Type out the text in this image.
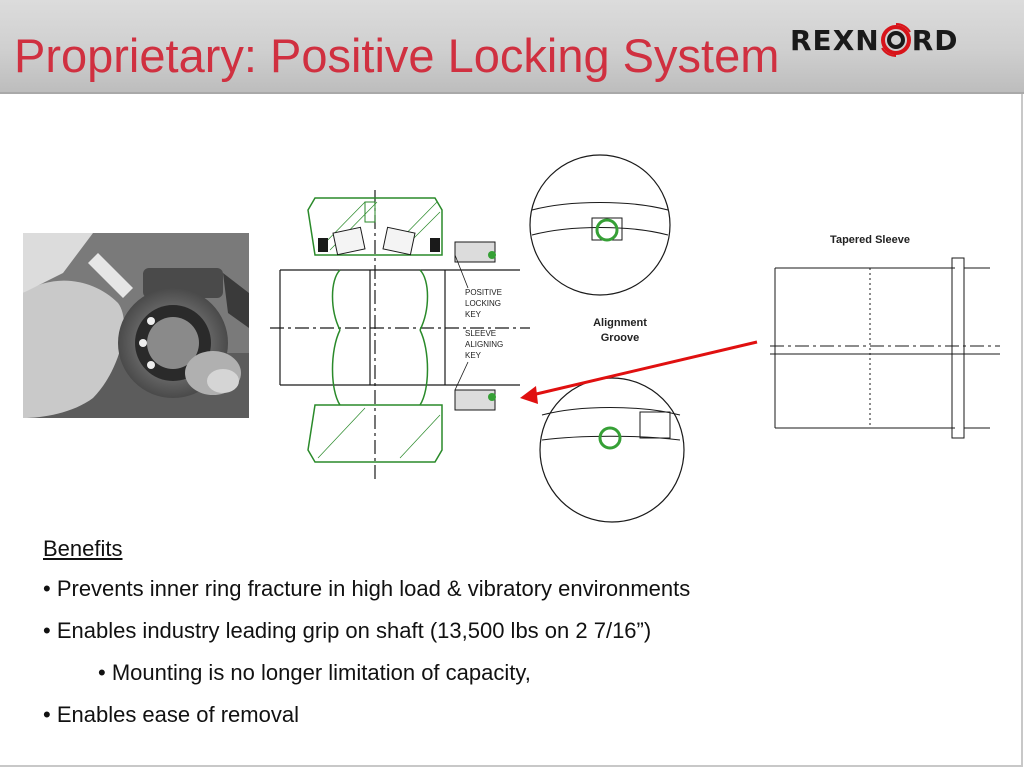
Proprietary: Positive Locking System REXN RD
Alignment
Groove
Tapered Sleeve
POSITIVE
LOCKING
KEY
SLEEVE
ALIGNING
KEY
Benefits
• Prevents inner ring fracture in high load & vibratory environments
• Enables industry leading grip on shaft (13,500 lbs on 2 7/16”)
• Mounting is no longer limitation of capacity,
• Enables ease of removal
